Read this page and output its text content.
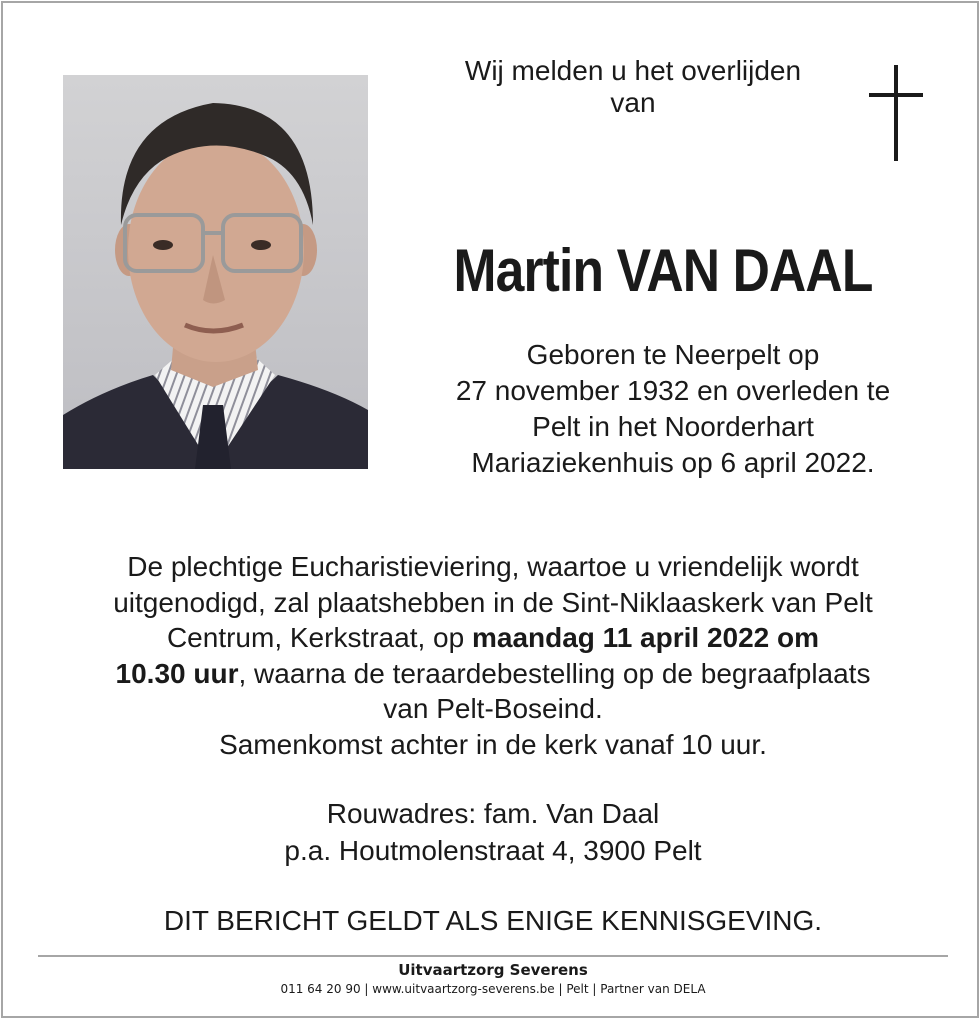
Wij melden u het overlijden
van
Martin VAN DAAL
Geboren te Neerpelt op
27 november 1932 en overleden te
Pelt in het Noorderhart
Mariaziekenhuis op 6 april 2022.

De plechtige Eucharistieviering, waartoe u vriendelijk wordt

uitgenodigd, zal plaatshebben in de Sint-Niklaaskerk van Pelt

Centrum, Kerkstraat, op maandag 11 april 2022 om

10.30 uur, waarna de teraardebestelling op de begraafplaats

van Pelt-Boseind.

Samenkomst achter in de kerk vanaf 10 uur.

Rouwadres: fam. Van Daal
p.a. Houtmolenstraat 4, 3900 Pelt
DIT BERICHT GELDT ALS ENIGE KENNISGEVING.
Uitvaartzorg Severens
011 64 20 90 | www.uitvaartzorg-severens.be | Pelt | Partner van DELA
